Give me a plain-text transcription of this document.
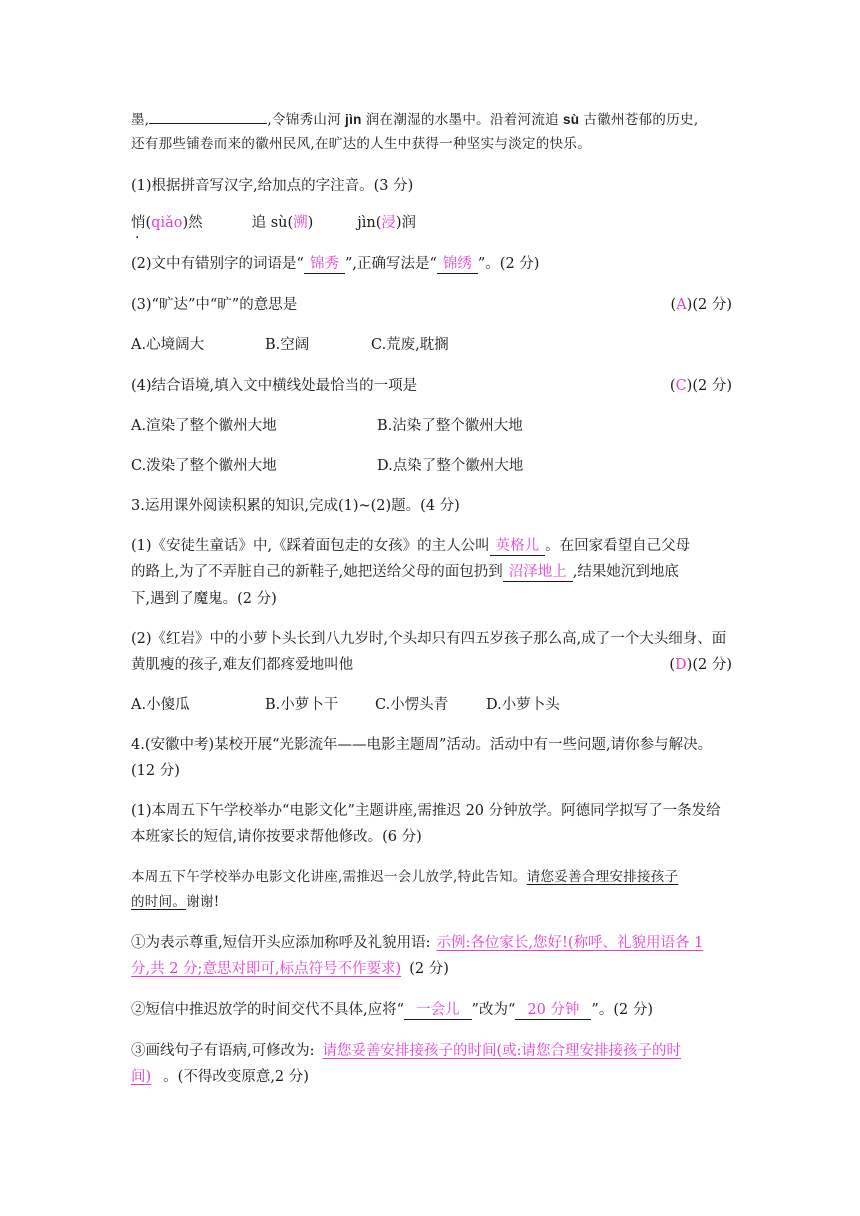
墨,	,令锦秀山河 jìn 润在潮湿的水墨中。沿着河流追 sù 古徽州苍郁的历史,
还有那些铺卷而来的徽州民风,在旷达的人生中获得一种坚实与淡定的快乐。
(1)根据拼音写汉字,给加点的字注音。(3 分)
悄(qiǎo)然	追 sù(溯)	jìn(浸)润
(2)文中有错别字的词语是“ 锦秀 ”,正确写法是“ 锦绣 ”。(2 分)
(3)“旷达”中“旷”的意思是	(A)(2 分)
A.心境阔大	B.空阔	C.荒废,耽搁
(4)结合语境,填入文中横线处最恰当的一项是	(C)(2 分)
A.渲染了整个徽州大地	B.沾染了整个徽州大地
C.泼染了整个徽州大地	D.点染了整个徽州大地
3.运用课外阅读积累的知识,完成(1)~(2)题。(4 分)
(1)《安徒生童话》中,《踩着面包走的女孩》的主人公叫 英格儿 。在回家看望自己父母
的路上,为了不弄脏自己的新鞋子,她把送给父母的面包扔到 沼泽地上 ,结果她沉到地底
下,遇到了魔鬼。(2 分)
(2)《红岩》中的小萝卜头长到八九岁时,个头却只有四五岁孩子那么高,成了一个大头细身、面
黄肌瘦的孩子,难友们都疼爱地叫他	(D)(2 分)
A.小傻瓜	B.小萝卜干	C.小愣头青	D.小萝卜头
4.(安徽中考)某校开展“光影流年——电影主题周”活动。活动中有一些问题,请你参与解决。
(12 分)
(1)本周五下午学校举办“电影文化”主题讲座,需推迟 20 分钟放学。阿德同学拟写了一条发给
本班家长的短信,请你按要求帮他修改。(6 分)
本周五下午学校举办电影文化讲座,需推迟一会儿放学,特此告知。请您妥善合理安排接孩子
的时间。谢谢!
①为表示尊重,短信开头应添加称呼及礼貌用语: 示例:各位家长,您好!(称呼、礼貌用语各 1
分,共 2 分;意思对即可,标点符号不作要求) (2 分)
②短信中推迟放学的时间交代不具体,应将“ 一会儿 ”改为“ 20 分钟 ”。(2 分)
③画线句子有语病,可修改为: 请您妥善安排接孩子的时间(或:请您合理安排接孩子的时
间) 。(不得改变原意,2 分)
